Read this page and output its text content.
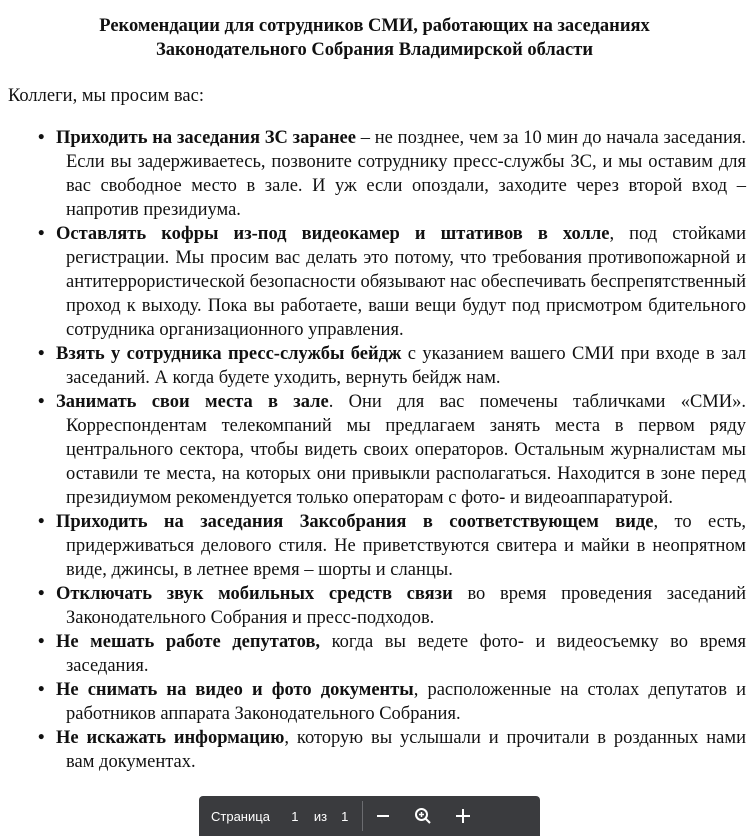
Рекомендации для сотрудников СМИ, работающих на заседаниях
Законодательного Собрания Владимирской области

Коллеги, мы просим вас:

• Приходить на заседания ЗС заранее – не позднее, чем за 10 мин до начала заседания. Если вы задерживаетесь, позвоните сотруднику пресс-службы ЗС, и мы оставим для вас свободное место в зале. И уж если опоздали, заходите через второй вход – напротив президиума.
• Оставлять кофры из-под видеокамер и штативов в холле, под стойками регистрации. Мы просим вас делать это потому, что требования противопожарной и антитеррористической безопасности обязывают нас обеспечивать беспрепятственный проход к выходу. Пока вы работаете, ваши вещи будут под присмотром бдительного сотрудника организационного управления.
• Взять у сотрудника пресс-службы бейдж с указанием вашего СМИ при входе в зал заседаний. А когда будете уходить, вернуть бейдж нам.
• Занимать свои места в зале. Они для вас помечены табличками «СМИ». Корреспондентам телекомпаний мы предлагаем занять места в первом ряду центрального сектора, чтобы видеть своих операторов. Остальным журналистам мы оставили те места, на которых они привыкли располагаться. Находится в зоне перед президиумом рекомендуется только операторам с фото- и видеоаппаратурой.
• Приходить на заседания Заксобрания в соответствующем виде, то есть, придерживаться делового стиля. Не приветствуются свитера и майки в неопрятном виде, джинсы, в летнее время – шорты и сланцы.
• Отключать звук мобильных средств связи во время проведения заседаний Законодательного Собрания и пресс-подходов.
• Не мешать работе депутатов, когда вы ведете фото- и видеосъемку во время заседания.
• Не снимать на видео и фото документы, расположенные на столах депутатов и работников аппарата Законодательного Собрания.
• Не искажать информацию, которую вы услышали и прочитали в розданных нами вам документах.
Страница
1	из 1
